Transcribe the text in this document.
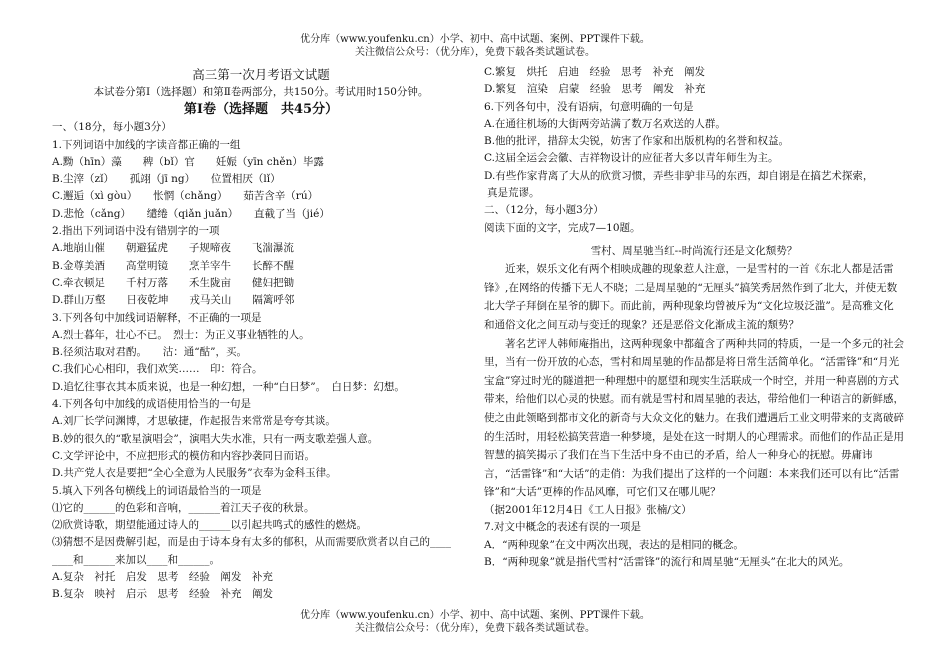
优分库（www.youfenku.cn）小学、初中、高中试题、案例、PPT课件下载。
关注微信公众号：（优分库），免费下载各类试题试卷。
高三第一次月考语文试题
本试卷分第Ⅰ（选择题）和第Ⅱ卷两部分，共150分。考试用时150分钟。
第Ⅰ卷（选择题　共45分）
一、（18分，每小题3分）
1.下列词语中加线的字读音都正确的一组
A.黝（hīn）藻　　稗（bǐ）官　　妊娠（yīn chěn）毕露
B.尘滓（zǐ）　　孤翊（jī ng）　　位置相厌（lǐ）
C.邂逅（xì gòu）　　怅惘（chǎng）　　茹苦含辛（rú）
D.悲怆（cǎng）　　缱绻（qiǎn juǎn）　　直截了当（jié）
2.指出下列词语中没有错别字的一项
A.地崩山催　　朝避猛虎　　子规啼夜　　飞湍瀑流
B.金尊美酒　　高堂明镜　　烹羊宰牛　　长醉不醒
C.牵衣顿足　　千村万落　　禾生陇亩　　健妇把锄
D.群山万壑　　日夜乾坤　　戎马关山　　隔篱呼邻
3.下列各句中加线词语解释，不正确的一项是
A.烈士暮年，壮心不已。　烈士：为正义事业牺牲的人。
B.径须沽取对君酌。　　沽：通“酤”，买。
C.我们心心相印，我们欢笑……　印：符合。
D.追忆往事衣其本质来说，也是一种幻想，一种“白日梦”。　白日梦：幻想。
4.下列各句中加线的成语使用恰当的一句是
A.刘厂长学问渊博，才思敏捷，作起报告来常常是夸夸其谈。
B.妙的很久的“歌星演唱会”，演唱大失水准，只有一两支歌差强人意。
C.文学评论中，不应把形式的模仿和内容抄袭同日而语。
D.共产党人衣是要把“全心全意为人民服务”衣奉为金科玉律。
5.填入下列各句横线上的词语最恰当的一项是
⑴它的______的色彩和音响，______着江天子夜的秋景。
⑵欣赏诗歌，期望能通过诗人的______以引起共鸣式的感性的燃烧。
⑶猜想不是因费解引起，而是由于诗本身有太多的郁积，从而需要欣赏者以自己的____
____和______来加以____和______。
A.复杂　衬托　启发　思考　经验　阐发　补充
B.复杂　映衬　启示　思考　经验　补充　阐发
C.繁复　烘托　启迪　经验　思考　补充　阐发
D.繁复　渲染　启蒙　经验　思考　阐发　补充
6.下列各句中，没有语病，句意明确的一句是
A.在通往机场的大街两旁站满了数万名欢送的人群。
B.他的批评，措辞太尖锐，妨害了作家和出版机构的名誉和权益。
C.这届全运会会徽、吉祥物设计的应征者大多以青年师生为主。
D.有些作家背离了大从的欣赏习惯，弄些非驴非马的东西，却自诩是在搞艺术探索，
真是荒谬。
二、（12分，每小题3分）
阅读下面的文字，完成7—10题。
雪村、周星驰当红--时尚流行还是文化颓势？
近来，娱乐文化有两个相映成趣的现象惹人注意，一是雪村的一首《东北人都是活雷锋》,在网络的传播下无人不晓；二是周星驰的“无厘头”搞笑秀居然作到了北大，并使无数北大学子拜倒在星爷的脚下。而此前，两种现象均曾被斥为“文化垃圾泛滥”。是高雅文化和通俗文化之间互动与变迁的现象？还是恶俗文化渐成主流的颓势？
著名艺评人韩师庵指出，这两种现象中都蕴含了两种共同的特质，一是一个多元的社会里，当有一份开放的心态，雪村和周星驰的作品都是将日常生活简单化。“活雷锋”和“月光宝盒”穿过时光的隧道把一种理想中的愿望和现实生活联成一个时空，并用一种喜剧的方式带来，给他们以心灵的快慰。而有就是雪村和周星驰的表达，带给他们一种语言的新鲜感，使之由此领略到都市文化的新奇与大众文化的魅力。在我们遭遇后工业文明带来的支离破碎的生活时，用轻松搞笑营造一种梦境，是处在这一时期人的心理需求。而他们的作品正是用智慧的搞笑揭示了我们在当下生活中身不由已的矛盾，给人一种身心的抚慰。毋庸讳言，“活雷锋”和“大话”的走俏：为我们提出了这样的一个问题：本来我们还可以有比“活雷锋”和“大话”更棒的作品风靡，可它们又在哪儿呢？
（据2001年12月4日《工人日报》张楠/文）
7.对文中概念的表述有误的一项是
A．“两种现象”在文中两次出现，表达的是相同的概念。
B．“两种现象”就是指代雪村“活雷锋”的流行和周星驰“无厘头”在北大的风光。
优分库（www.youfenku.cn）小学、初中、高中试题、案例、PPT课件下载。
关注微信公众号：（优分库），免费下载各类试题试卷。
